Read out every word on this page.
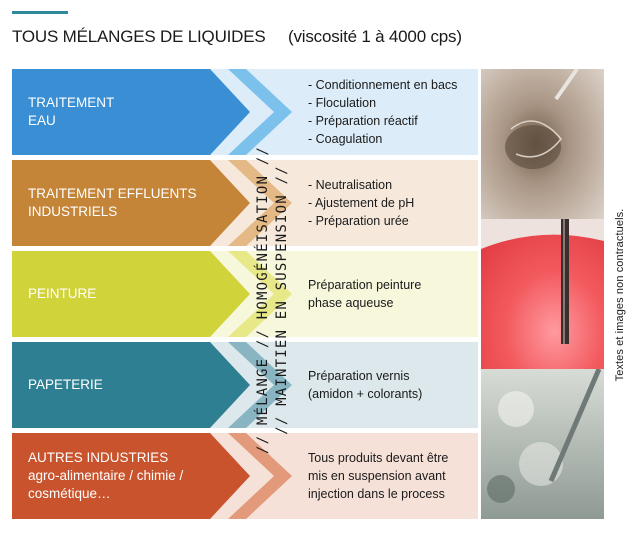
TOUS MÉLANGES DE LIQUIDES (viscosité 1 à 4000 cps)
TRAITEMENT
EAU
- Conditionnement en bacs
- Floculation
- Préparation réactif
- Coagulation
TRAITEMENT EFFLUENTS
INDUSTRIELS
- Neutralisation
- Ajustement de pH
- Préparation urée
PEINTURE
Préparation peinture
phase aqueuse
PAPETERIE
Préparation vernis
(amidon + colorants)
AUTRES INDUSTRIES
agro-alimentaire / chimie /
cosmétique…
Tous produits devant être
mis en suspension avant
injection dans le process
// MÉLANGE // HOMOGÉNÉISATION // // MAINTIEN EN SUSPENSION //	Textes et images non contractuels.
